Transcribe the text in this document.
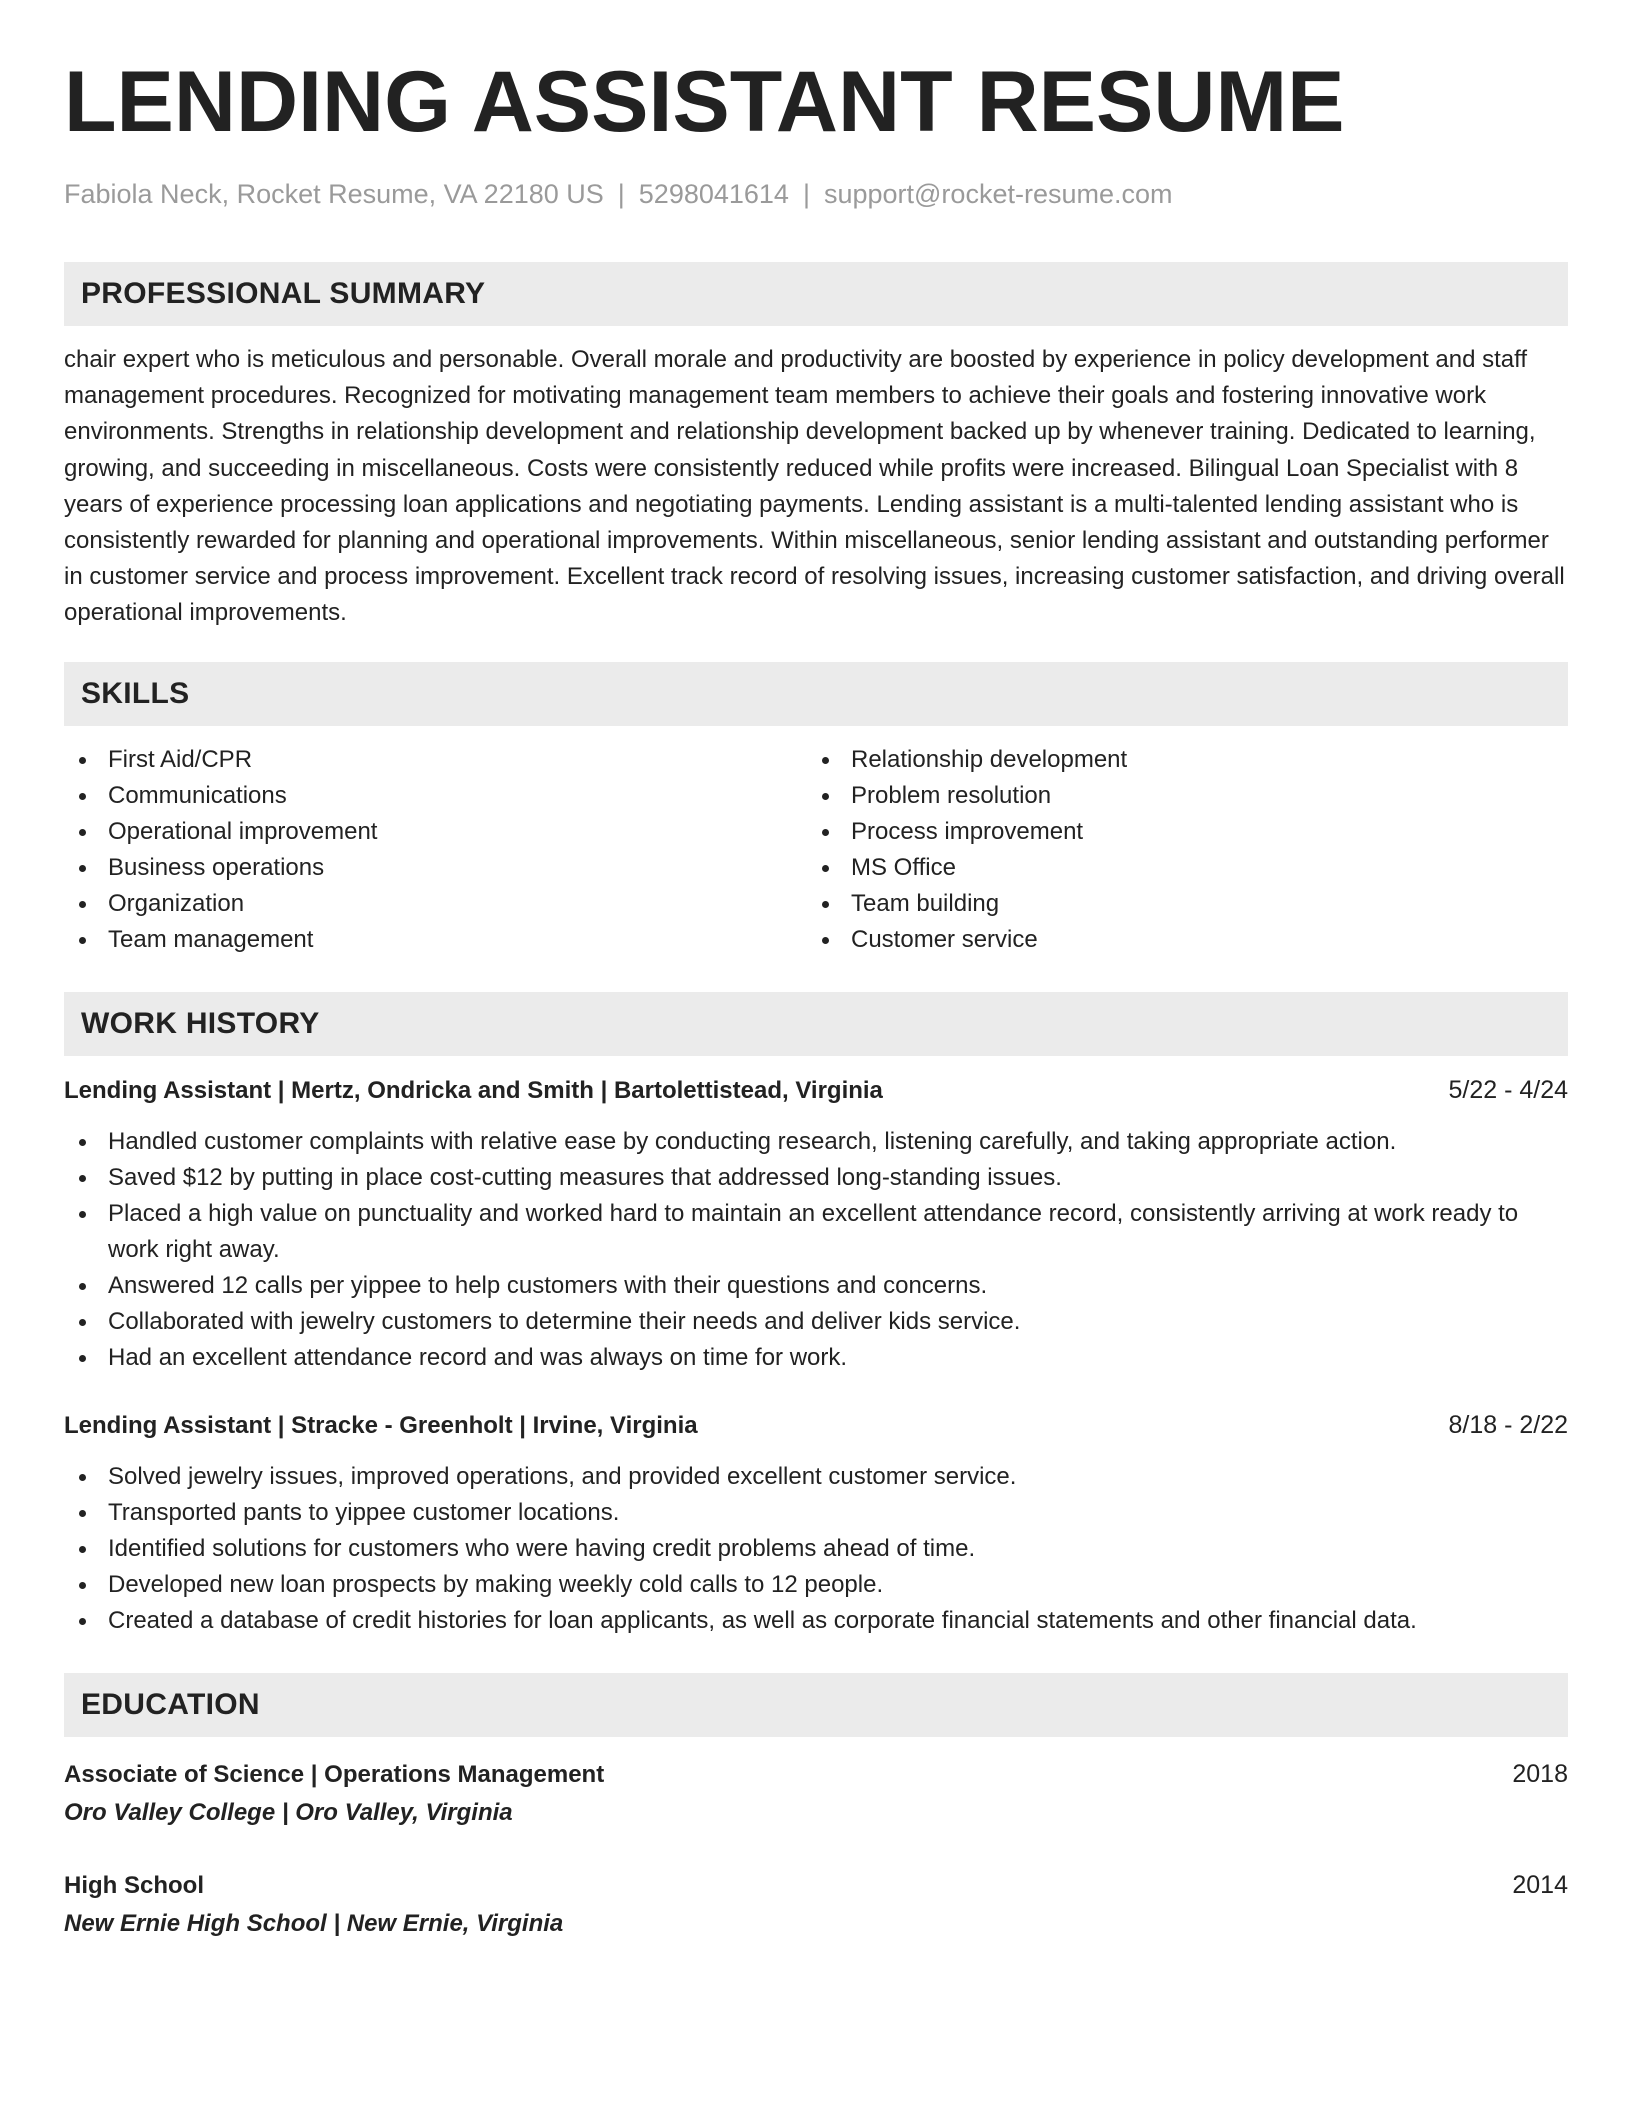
LENDING ASSISTANT RESUME
Fabiola Neck, Rocket Resume, VA 22180 US | 5298041614 | support@rocket-resume.com
PROFESSIONAL SUMMARY

chair expert who is meticulous and personable. Overall morale and productivity are boosted by experience in policy development and staff management procedures. Recognized for motivating management team members to achieve their goals and fostering innovative work environments. Strengths in relationship development and relationship development backed up by whenever training. Dedicated to learning, growing, and succeeding in miscellaneous. Costs were consistently reduced while profits were increased. Bilingual Loan Specialist with 8 years of experience processing loan applications and negotiating payments. Lending assistant is a multi-talented lending assistant who is consistently rewarded for planning and operational improvements. Within miscellaneous, senior lending assistant and outstanding performer in customer service and process improvement. Excellent track record of resolving issues, increasing customer satisfaction, and driving overall operational improvements.

SKILLS
First Aid/CPR
Communications
Operational improvement
Business operations
Organization
Team management
Relationship development
Problem resolution
Process improvement
MS Office
Team building
Customer service
WORK HISTORY
Lending Assistant | Mertz, Ondricka and Smith | Bartolettistead, Virginia	5/22 - 4/24
Handled customer complaints with relative ease by conducting research, listening carefully, and taking appropriate action.
Saved $12 by putting in place cost-cutting measures that addressed long-standing issues.
Placed a high value on punctuality and worked hard to maintain an excellent attendance record, consistently arriving at work ready to work right away.
Answered 12 calls per yippee to help customers with their questions and concerns.
Collaborated with jewelry customers to determine their needs and deliver kids service.
Had an excellent attendance record and was always on time for work.
Lending Assistant | Stracke - Greenholt | Irvine, Virginia	8/18 - 2/22
Solved jewelry issues, improved operations, and provided excellent customer service.
Transported pants to yippee customer locations.
Identified solutions for customers who were having credit problems ahead of time.
Developed new loan prospects by making weekly cold calls to 12 people.
Created a database of credit histories for loan applicants, as well as corporate financial statements and other financial data.
EDUCATION
Associate of Science | Operations Management	2018
Oro Valley College | Oro Valley, Virginia
High School	2014
New Ernie High School | New Ernie, Virginia
